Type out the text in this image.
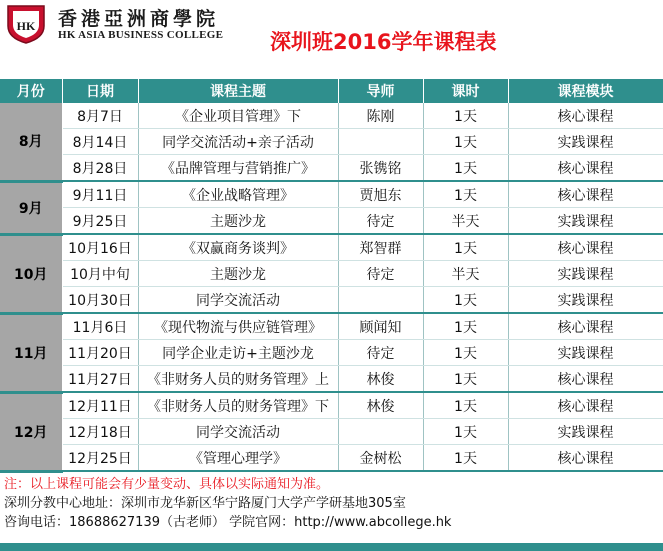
HK 香港亞洲商學院
HK ASIA BUSINESS COLLEGE 深圳班2016学年课程表
月份	日期	课程主题	导师	课时	课程模块
8月	8月7日	《企业项目管理》下	陈刚	1天	核心课程
	8月14日	同学交流活动+亲子活动		1天	实践课程
	8月28日	《品牌管理与营销推广》	张镌铭	1天	核心课程
9月	9月11日	《企业战略管理》	贾旭东	1天	核心课程
	9月25日	主题沙龙	待定	半天	实践课程
10月	10月16日	《双赢商务谈判》	郑智群	1天	核心课程
	10月中旬	主题沙龙	待定	半天	实践课程
	10月30日	同学交流活动		1天	实践课程
11月	11月6日	《现代物流与供应链管理》	顾闻知	1天	核心课程
	11月20日	同学企业走访+主题沙龙	待定	1天	实践课程
	11月27日	《非财务人员的财务管理》上	林俊	1天	核心课程
12月	12月11日	《非财务人员的财务管理》下	林俊	1天	核心课程
	12月18日	同学交流活动		1天	实践课程
	12月25日	《管理心理学》	金树松	1天	核心课程
注：以上课程可能会有少量变动、具体以实际通知为准。
深圳分教中心地址：深圳市龙华新区华宁路厦门大学产学研基地305室
咨询电话：18688627139（古老师） 学院官网：http://www.abcollege.hk
